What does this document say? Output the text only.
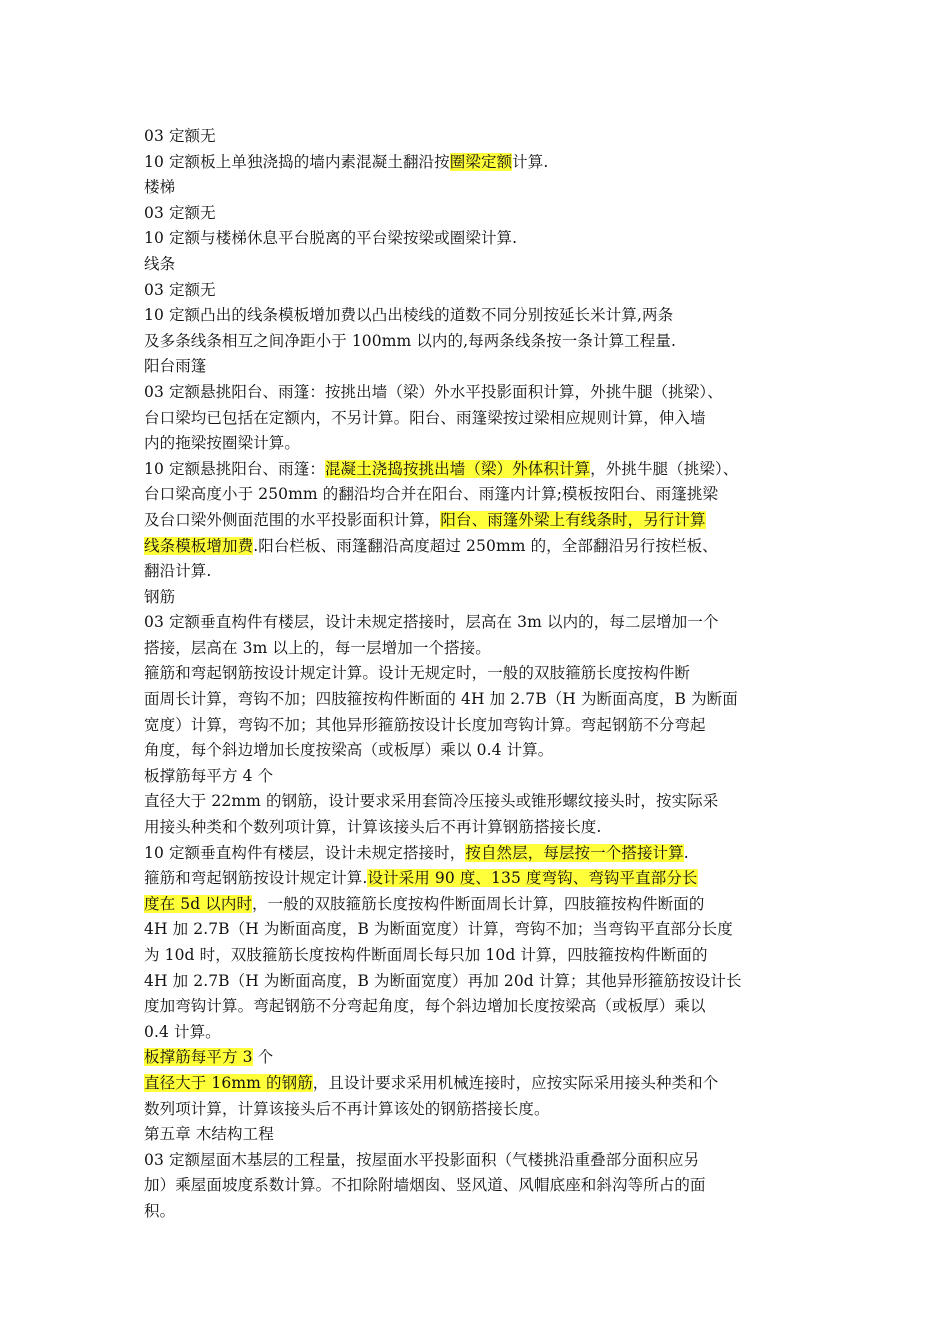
03 定额无
10 定额板上单独浇捣的墙内素混凝土翻沿按圈梁定额计算.
楼梯
03 定额无
10 定额与楼梯休息平台脱离的平台梁按梁或圈梁计算.
线条
03 定额无
10 定额凸出的线条模板增加费以凸出棱线的道数不同分别按延长米计算,两条
及多条线条相互之间净距小于 100mm 以内的,每两条线条按一条计算工程量.
阳台雨篷
03 定额悬挑阳台、雨篷：按挑出墙（梁）外水平投影面积计算，外挑牛腿（挑梁）、
台口梁均已包括在定额内，不另计算。阳台、雨篷梁按过梁相应规则计算，伸入墙
内的拖梁按圈梁计算。
10 定额悬挑阳台、雨篷：混凝土浇捣按挑出墙（梁）外体积计算，外挑牛腿（挑梁）、
台口梁高度小于 250mm 的翻沿均合并在阳台、雨篷内计算;模板按阳台、雨篷挑梁
及台口梁外侧面范围的水平投影面积计算，阳台、雨篷外梁上有线条时，另行计算
线条模板增加费.阳台栏板、雨篷翻沿高度超过 250mm 的，全部翻沿另行按栏板、
翻沿计算.
钢筋
03 定额垂直构件有楼层，设计未规定搭接时，层高在 3m 以内的，每二层增加一个
搭接，层高在 3m 以上的，每一层增加一个搭接。
箍筋和弯起钢筋按设计规定计算。设计无规定时，一般的双肢箍筋长度按构件断
面周长计算，弯钩不加；四肢箍按构件断面的 4H 加 2.7B（H 为断面高度，B 为断面
宽度）计算，弯钩不加；其他异形箍筋按设计长度加弯钩计算。弯起钢筋不分弯起
角度，每个斜边增加长度按梁高（或板厚）乘以 0.4 计算。
板撑筋每平方 4 个
直径大于 22mm 的钢筋，设计要求采用套筒冷压接头或锥形螺纹接头时，按实际采
用接头种类和个数列项计算，计算该接头后不再计算钢筋搭接长度.
10 定额垂直构件有楼层，设计未规定搭接时，按自然层，每层按一个搭接计算.
箍筋和弯起钢筋按设计规定计算.设计采用 90 度、135 度弯钩、弯钩平直部分长
度在 5d 以内时，一般的双肢箍筋长度按构件断面周长计算，四肢箍按构件断面的
4H 加 2.7B（H 为断面高度，B 为断面宽度）计算，弯钩不加；当弯钩平直部分长度
为 10d 时，双肢箍筋长度按构件断面周长每只加 10d 计算，四肢箍按构件断面的
4H 加 2.7B（H 为断面高度，B 为断面宽度）再加 20d 计算；其他异形箍筋按设计长
度加弯钩计算。弯起钢筋不分弯起角度，每个斜边增加长度按梁高（或板厚）乘以
0.4 计算。
板撑筋每平方 3 个
直径大于 16mm 的钢筋，且设计要求采用机械连接时，应按实际采用接头种类和个
数列项计算，计算该接头后不再计算该处的钢筋搭接长度。
第五章 木结构工程
03 定额屋面木基层的工程量，按屋面水平投影面积（气楼挑沿重叠部分面积应另
加）乘屋面坡度系数计算。不扣除附墙烟囱、竖风道、风帽底座和斜沟等所占的面
积。
